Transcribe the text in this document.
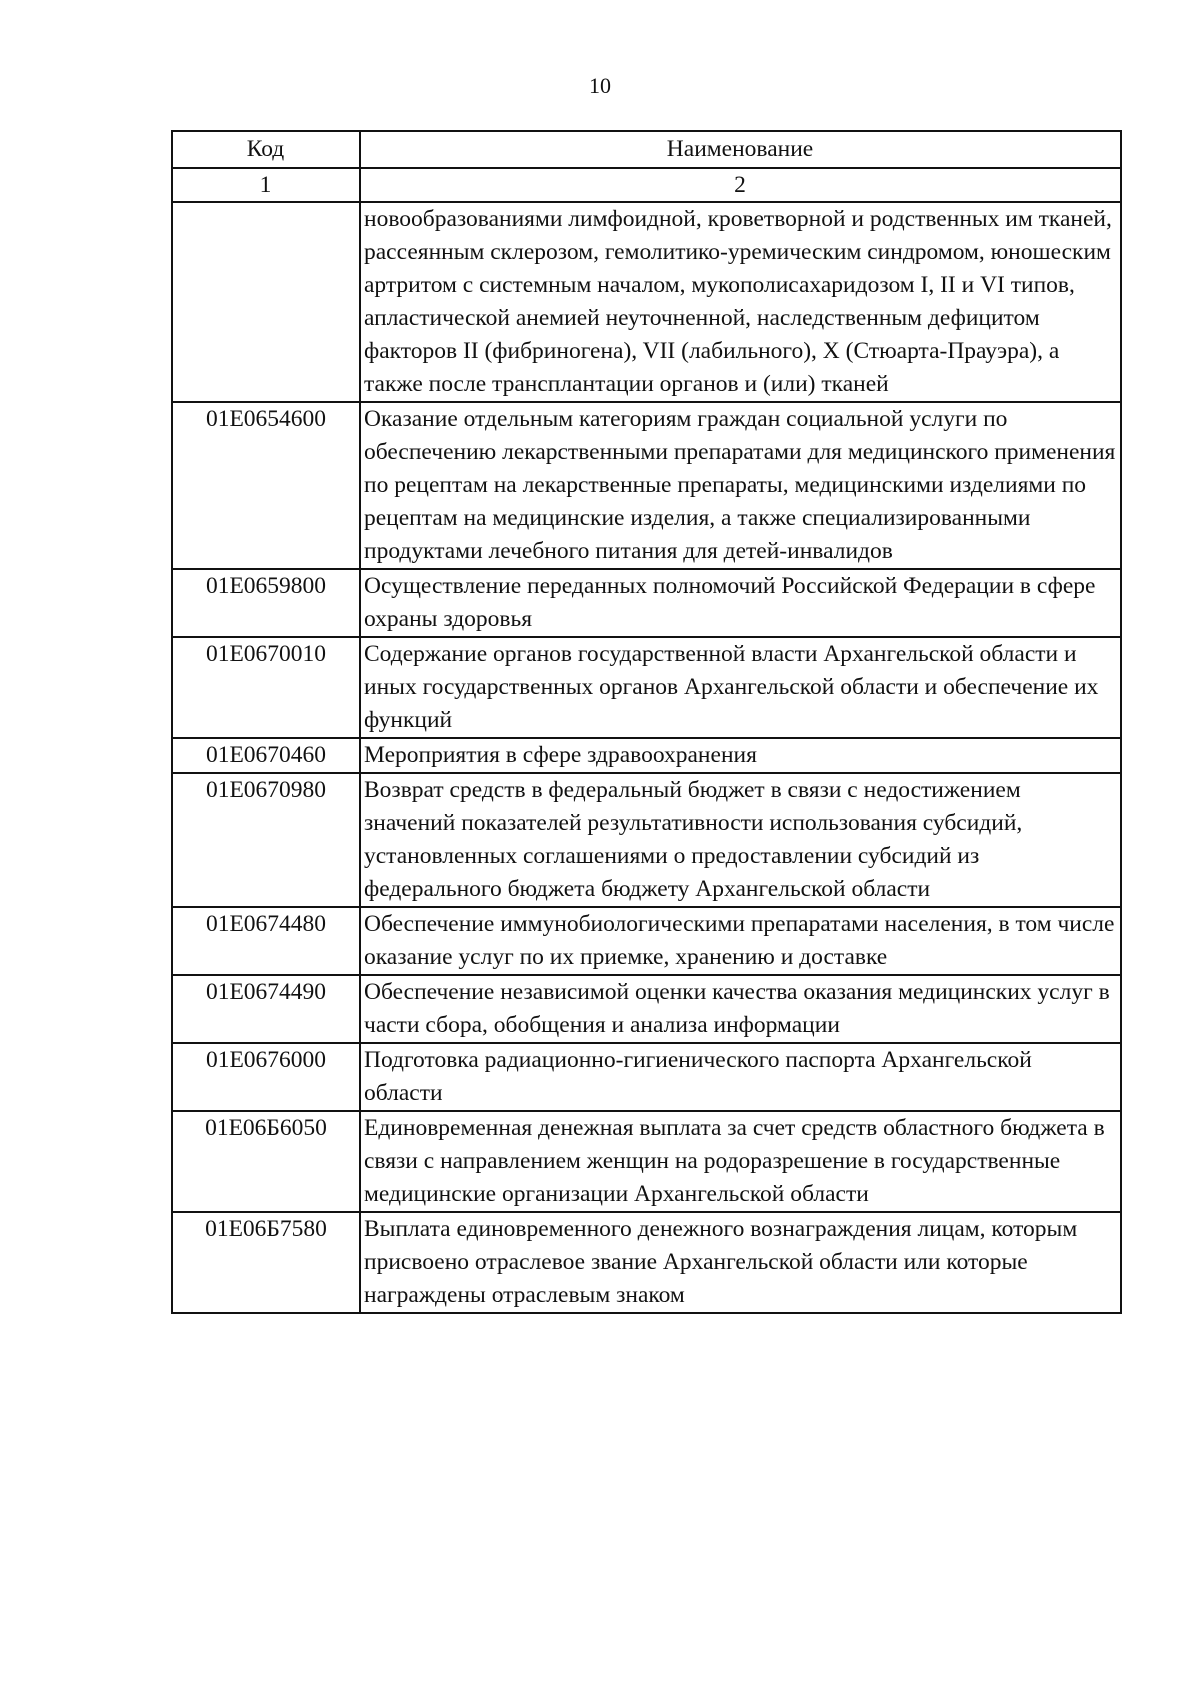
10
Код	Наименование
1	2
	новообразованиями лимфоидной, кроветворной и родственных им тканей, рассеянным склерозом, гемолитико-уремическим синдромом, юношеским артритом с системным началом, мукополисахаридозом I, II и VI типов, апластической анемией неуточненной, наследственным дефицитом факторов II (фибриногена), VII (лабильного), X (Стюарта-Прауэра), а также после трансплантации органов и (или) тканей
01Е0654600	Оказание отдельным категориям граждан социальной услуги по обеспечению лекарственными препаратами для медицинского применения по рецептам на лекарственные препараты, медицинскими изделиями по рецептам на медицинские изделия, а также специализированными продуктами лечебного питания для детей-инвалидов
01Е0659800	Осуществление переданных полномочий Российской Федерации в сфере охраны здоровья
01Е0670010	Содержание органов государственной власти Архангельской области и иных государственных органов Архангельской области и обеспечение их функций
01Е0670460	Мероприятия в сфере здравоохранения
01Е0670980	Возврат средств в федеральный бюджет в связи с недостижением значений показателей результативности использования субсидий, установленных соглашениями о предоставлении субсидий из федерального бюджета бюджету Архангельской области
01Е0674480	Обеспечение иммунобиологическими препаратами населения, в том числе оказание услуг по их приемке, хранению и доставке
01Е0674490	Обеспечение независимой оценки качества оказания медицинских услуг в части сбора, обобщения и анализа информации
01Е0676000	Подготовка радиационно-гигиенического паспорта Архангельской области
01Е06Б6050	Единовременная денежная выплата за счет средств областного бюджета в связи с направлением женщин на родоразрешение в государственные медицинские организации Архангельской области
01Е06Б7580	Выплата единовременного денежного вознаграждения лицам, которым присвоено отраслевое звание Архангельской области или которые награждены отраслевым знаком
